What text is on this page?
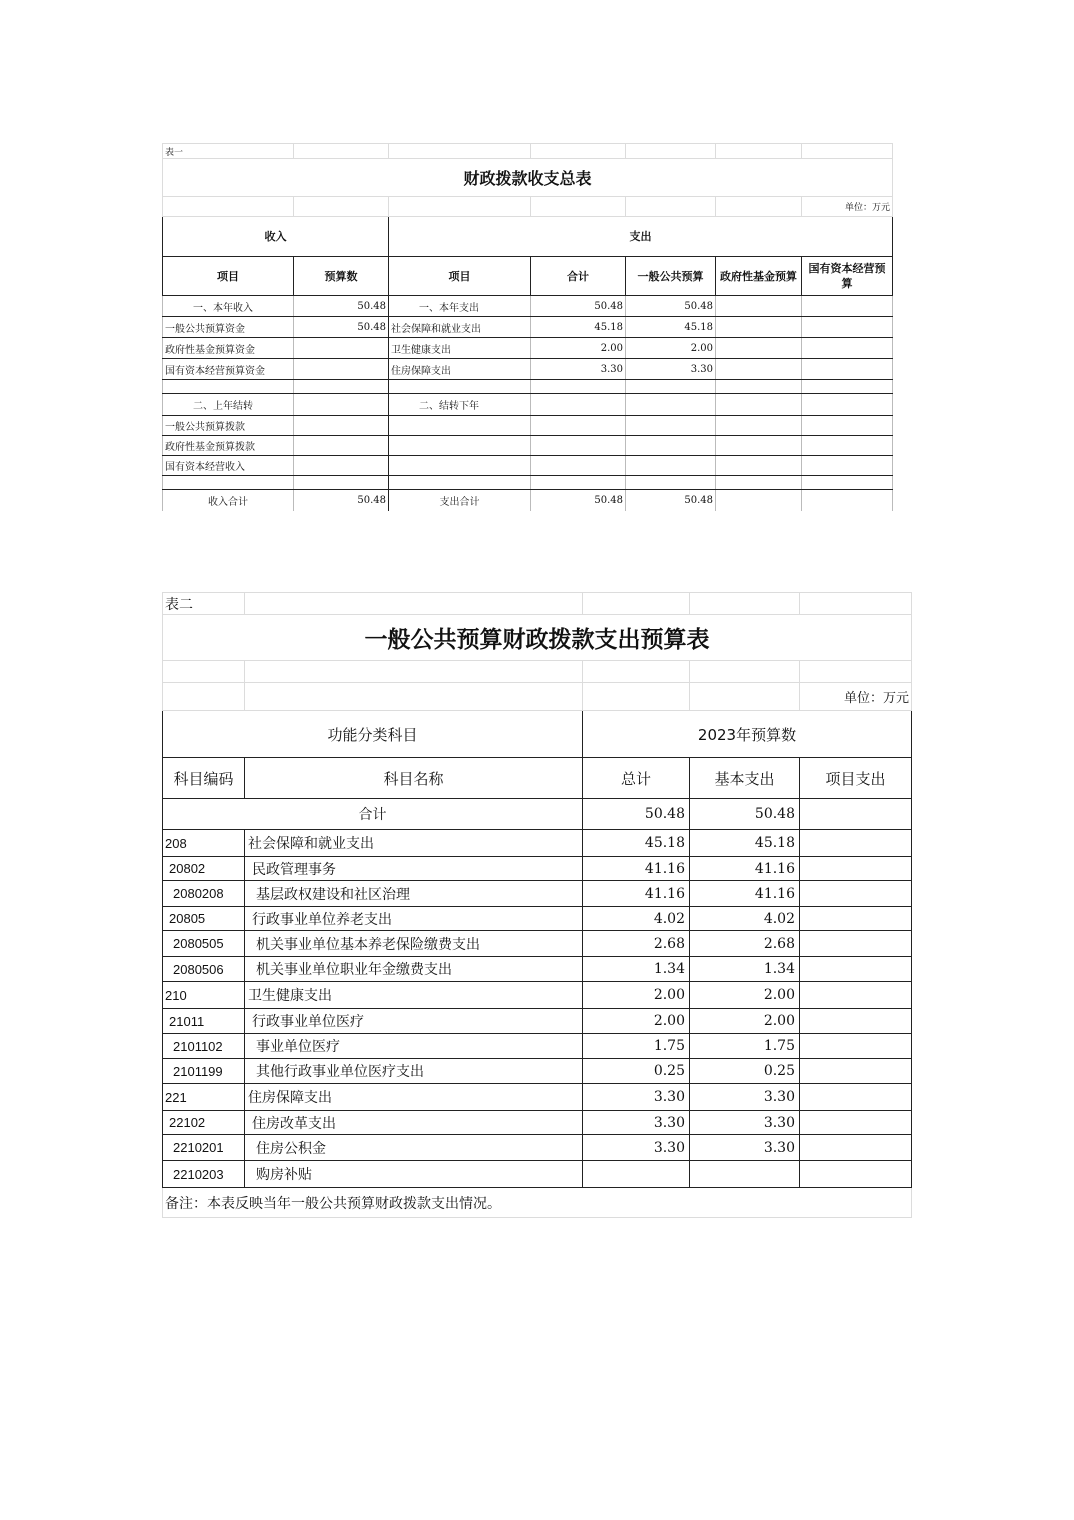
表一						
财政拨款收支总表						
						单位：万元
收入		支出				
项目	预算数	项目	合计	一般公共预算	政府性基金预算	国有资本经营预算
一、本年收入	50.48	一、本年支出	50.48	50.48		
一般公共预算资金	50.48	社会保障和就业支出	45.18	45.18		
政府性基金预算资金		卫生健康支出	2.00	2.00		
国有资本经营预算资金		住房保障支出	3.30	3.30		

二、上年结转		二、结转下年				
一般公共预算拨款						
政府性基金预算拨款						
国有资本经营收入						

收入合计	50.48	支出合计	50.48	50.48		
表二				
一般公共预算财政拨款支出预算表				

				单位：万元
功能分类科目		2023年预算数		
科目编码	科目名称	总计	基本支出	项目支出
合计		50.48	50.48	
208	社会保障和就业支出	45.18	45.18	
20802	民政管理事务	41.16	41.16	
2080208	基层政权建设和社区治理	41.16	41.16	
20805	行政事业单位养老支出	4.02	4.02	
2080505	机关事业单位基本养老保险缴费支出	2.68	2.68	
2080506	机关事业单位职业年金缴费支出	1.34	1.34	
210	卫生健康支出	2.00	2.00	
21011	行政事业单位医疗	2.00	2.00	
2101102	事业单位医疗	1.75	1.75	
2101199	其他行政事业单位医疗支出	0.25	0.25	
221	住房保障支出	3.30	3.30	
22102	住房改革支出	3.30	3.30	
2210201	住房公积金	3.30	3.30	
2210203	购房补贴			
备注：本表反映当年一般公共预算财政拨款支出情况。				
